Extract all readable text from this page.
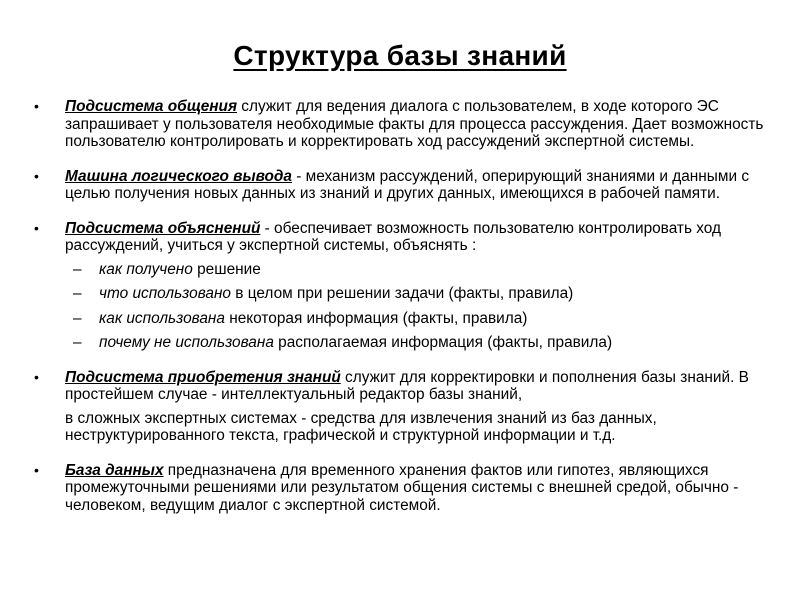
Структура базы знаний
• Подсистема общения служит для ведения диалога с пользователем, в ходе которого ЭС запрашивает у пользователя необходимые факты для процесса рассуждения. Дает возможность пользователю контролировать и корректировать ход рассуждений экспертной системы.
• Машина логического вывода - механизм рассуждений, оперирующий знаниями и данными с целью получения новых данных из знаний и других данных, имеющихся в рабочей памяти.
• Подсистема объяснений - обеспечивает возможность пользователю контролировать ход рассуждений, учиться у экспертной системы, объяснять :
– как получено решение
– что использовано в целом при решении задачи (факты, правила)
– как использована некоторая информация (факты, правила)
– почему не использована располагаемая информация (факты, правила)
• Подсистема приобретения знаний служит для корректировки и пополнения базы знаний. В простейшем случае - интеллектуальный редактор базы знаний,
в сложных экспертных системах - средства для извлечения знаний из баз данных, неструктурированного текста, графической и структурной информации и т.д.
• База данных предназначена для временного хранения фактов или гипотез, являющихся промежуточными решениями или результатом общения системы с внешней средой, обычно - человеком, ведущим диалог с экспертной системой.
